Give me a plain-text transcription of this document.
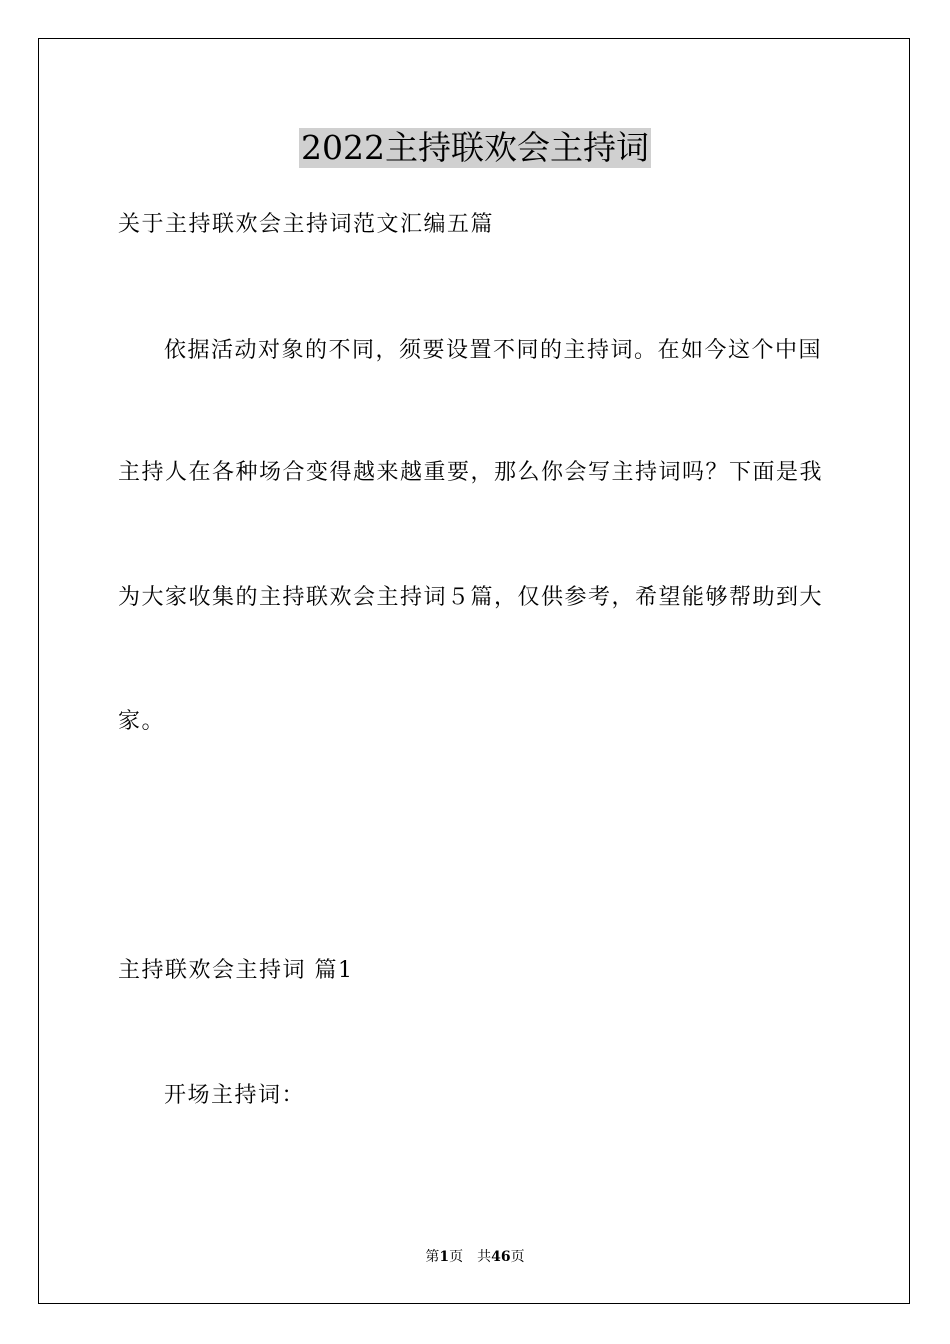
2022主持联欢会主持词
关于主持联欢会主持词范文汇编五篇
依据活动对象的不同，须要设置不同的主持词。在如今这个中国
主持人在各种场合变得越来越重要，那么你会写主持词吗？下面是我
为大家收集的主持联欢会主持词５篇，仅供参考，希望能够帮助到大
家。
主持联欢会主持词 篇1
开场主持词：
第1页　共46页
